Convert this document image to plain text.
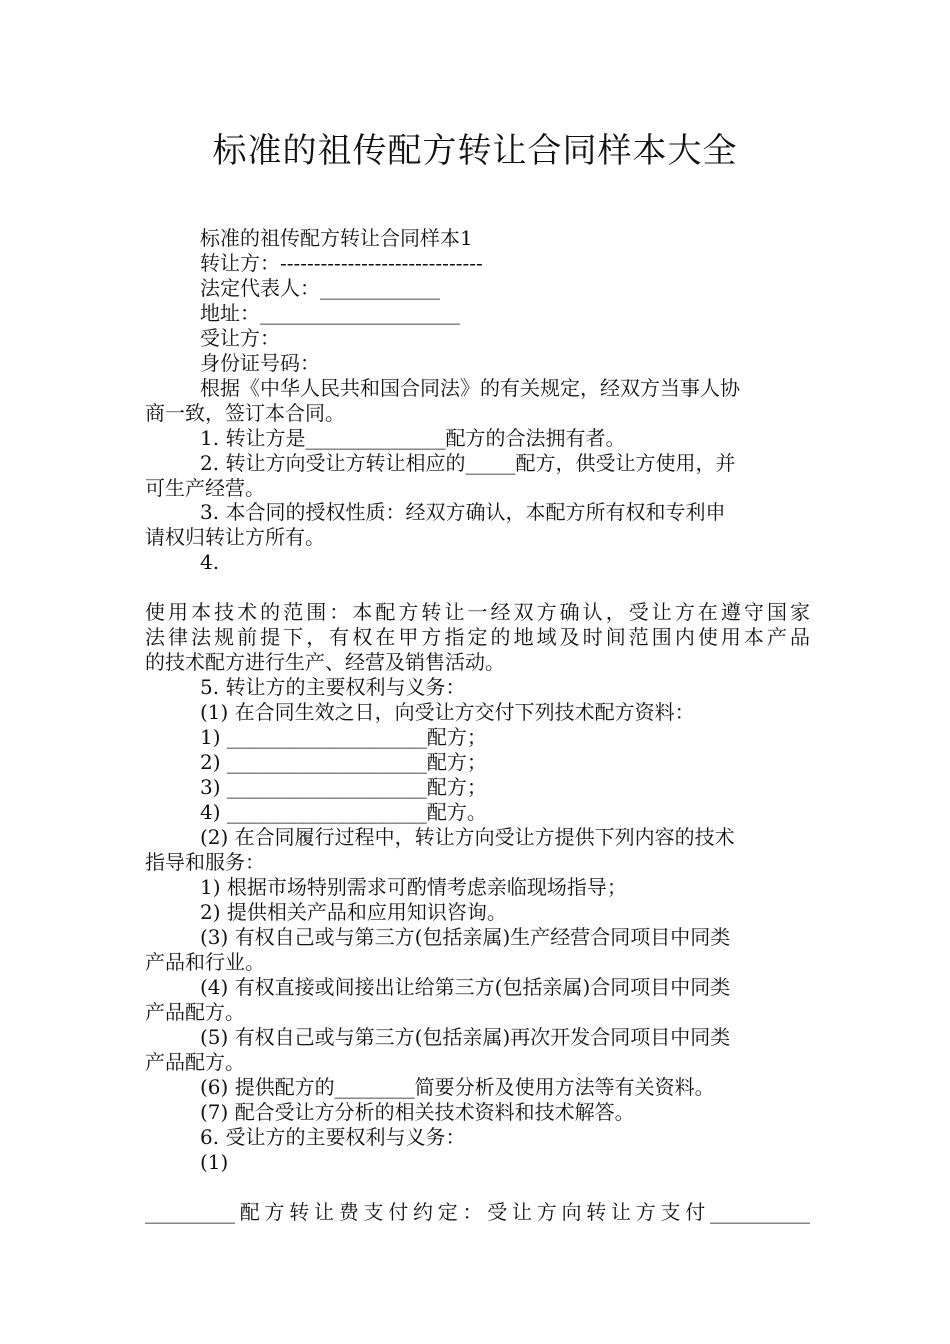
标准的祖传配方转让合同样本大全
标准的祖传配方转让合同样本1
转让方：------------------------------
法定代表人：____________
地址：____________________
受让方：
身份证号码：
根据《中华人民共和国合同法》的有关规定，经双方当事人协
商一致，签订本合同。
1. 转让方是______________配方的合法拥有者。
2. 转让方向受让方转让相应的_____配方，供受让方使用，并
可生产经营。
3. 本合同的授权性质：经双方确认，本配方所有权和专利申
请权归转让方所有。
4.
使用本技术的范围：本配方转让一经双方确认，受让方在遵守国家
法律法规前提下，有权在甲方指定的地域及时间范围内使用本产品
的技术配方进行生产、经营及销售活动。
5. 转让方的主要权利与义务：
(1) 在合同生效之日，向受让方交付下列技术配方资料：
1) ____________________配方；
2) ____________________配方；
3) ____________________配方；
4) ____________________配方。
(2) 在合同履行过程中，转让方向受让方提供下列内容的技术
指导和服务：
1) 根据市场特别需求可酌情考虑亲临现场指导；
2) 提供相关产品和应用知识咨询。
(3) 有权自己或与第三方(包括亲属)生产经营合同项目中同类
产品和行业。
(4) 有权直接或间接出让给第三方(包括亲属)合同项目中同类
产品配方。
(5) 有权自己或与第三方(包括亲属)再次开发合同项目中同类
产品配方。
(6) 提供配方的________简要分析及使用方法等有关资料。
(7) 配合受让方分析的相关技术资料和技术解答。
6. 受让方的主要权利与义务：
(1)
_________配方转让费支付约定：受让方向转让方支付__________
